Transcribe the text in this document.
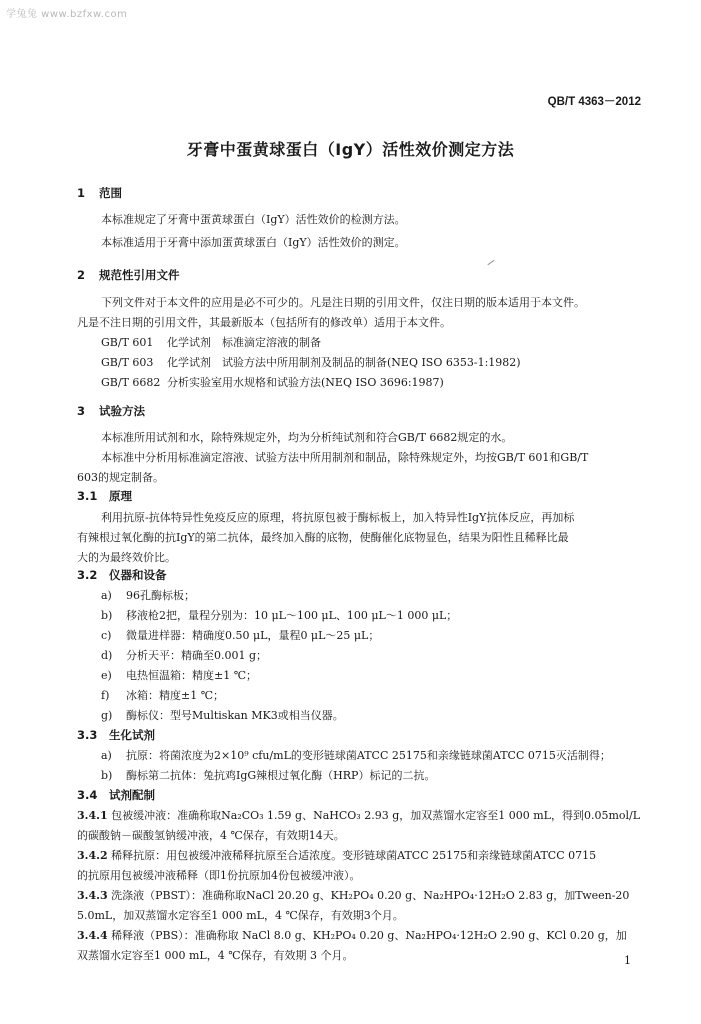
学兔兔 www.bzfxw.com
QB/T 4363－2012
牙膏中蛋黄球蛋白（IgY）活性效价测定方法
1 范围
本标准规定了牙膏中蛋黄球蛋白（IgY）活性效价的检测方法。
本标准适用于牙膏中添加蛋黄球蛋白（IgY）活性效价的测定。
2 规范性引用文件
下列文件对于本文件的应用是必不可少的。凡是注日期的引用文件，仅注日期的版本适用于本文件。
凡是不注日期的引用文件，其最新版本（包括所有的修改单）适用于本文件。
GB/T 601　化学试剂　标准滴定溶液的制备
GB/T 603　化学试剂　试验方法中所用制剂及制品的制备(NEQ ISO 6353-1:1982)
GB/T 6682　分析实验室用水规格和试验方法(NEQ ISO 3696:1987)
3 试验方法
本标准所用试剂和水，除特殊规定外，均为分析纯试剂和符合GB/T 6682规定的水。
本标准中分析用标准滴定溶液、试验方法中所用制剂和制品，除特殊规定外，均按GB/T 601和GB/T
603的规定制备。
3.1 原理
利用抗原-抗体特异性免疫反应的原理，将抗原包被于酶标板上，加入特异性IgY抗体反应，再加标
有辣根过氧化酶的抗IgY的第二抗体，最终加入酶的底物，使酶催化底物显色，结果为阳性且稀释比最
大的为最终效价比。
3.2 仪器和设备
a) 96孔酶标板；
b) 移液枪2把，量程分别为：10 μL～100 μL、100 μL～1 000 μL；
c) 微量进样器：精确度0.50 μL，量程0 μL～25 μL；
d) 分析天平：精确至0.001 g；
e) 电热恒温箱：精度±1 ℃；
f) 冰箱：精度±1 ℃；
g) 酶标仪：型号Multiskan MK3或相当仪器。
3.3 生化试剂
a) 抗原：将菌浓度为2×10⁹ cfu/mL的变形链球菌ATCC 25175和亲缘链球菌ATCC 0715灭活制得；
b) 酶标第二抗体：兔抗鸡IgG辣根过氧化酶（HRP）标记的二抗。
3.4 试剂配制
3.4.1 包被缓冲液：准确称取Na₂CO₃ 1.59 g、NaHCO₃ 2.93 g，加双蒸馏水定容至1 000 mL，得到0.05mol/L
的碳酸钠－碳酸氢钠缓冲液，4 ℃保存，有效期14天。
3.4.2 稀释抗原：用包被缓冲液稀释抗原至合适浓度。变形链球菌ATCC 25175和亲缘链球菌ATCC 0715
的抗原用包被缓冲液稀释（即1份抗原加4份包被缓冲液）。
3.4.3 洗涤液（PBST）：准确称取NaCl 20.20 g、KH₂PO₄ 0.20 g、Na₂HPO₄·12H₂O 2.83 g，加Tween-20
5.0mL，加双蒸馏水定容至1 000 mL，4 ℃保存，有效期3个月。
3.4.4 稀释液（PBS）：准确称取 NaCl 8.0 g、KH₂PO₄ 0.20 g、Na₂HPO₄·12H₂O 2.90 g、KCl 0.20 g，加
双蒸馏水定容至1 000 mL，4 ℃保存，有效期 3 个月。	1
